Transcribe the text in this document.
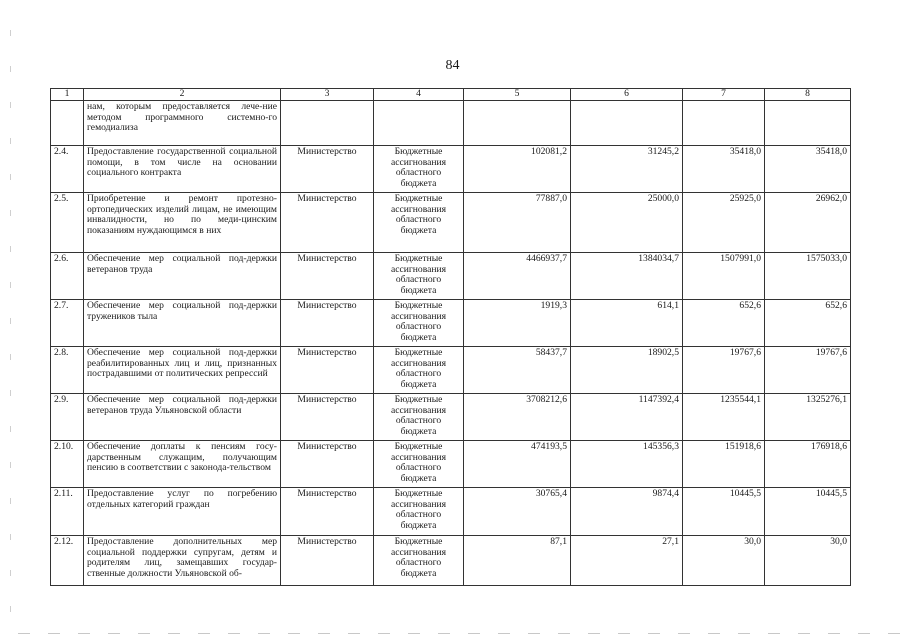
84
1	2	3	4	5	6	7	8
	нам, которым предоставляется лече-ние методом программного системно-го гемодиализа						
2.4.	Предоставление государственной социальной помощи, в том числе на основании социального контракта	Министерство	Бюджетные ассигнования областного бюджета	102081,2	31245,2	35418,0	35418,0
2.5.	Приобретение и ремонт протезно-ортопедических изделий лицам, не имеющим инвалидности, но по меди-цинским показаниям нуждающимся в них	Министерство	Бюджетные ассигнования областного бюджета	77887,0	25000,0	25925,0	26962,0
2.6.	Обеспечение мер социальной под-держки ветеранов труда	Министерство	Бюджетные ассигнования областного бюджета	4466937,7	1384034,7	1507991,0	1575033,0
2.7.	Обеспечение мер социальной под-держки тружеников тыла	Министерство	Бюджетные ассигнования областного бюджета	1919,3	614,1	652,6	652,6
2.8.	Обеспечение мер социальной под-держки реабилитированных лиц и лиц, признанных пострадавшими от политических репрессий	Министерство	Бюджетные ассигнования областного бюджета	58437,7	18902,5	19767,6	19767,6
2.9.	Обеспечение мер социальной под-держки ветеранов труда Ульяновской области	Министерство	Бюджетные ассигнования областного бюджета	3708212,6	1147392,4	1235544,1	1325276,1
2.10.	Обеспечение доплаты к пенсиям госу-дарственным служащим, получающим пенсию в соответствии с законода-тельством	Министерство	Бюджетные ассигнования областного бюджета	474193,5	145356,3	151918,6	176918,6
2.11.	Предоставление услуг по погребению отдельных категорий граждан	Министерство	Бюджетные ассигнования областного бюджета	30765,4	9874,4	10445,5	10445,5
2.12.	Предоставление дополнительных мер социальной поддержки супругам, детям и родителям лиц, замещавших государ-ственные должности Ульяновской об-	Министерство	Бюджетные ассигнования областного бюджета	87,1	27,1	30,0	30,0
